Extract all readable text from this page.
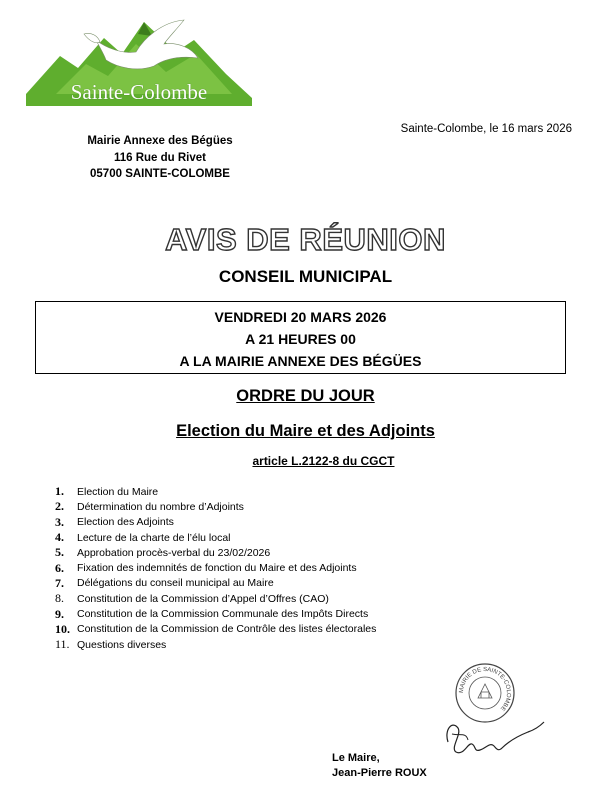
Sainte-Colombe
Mairie Annexe des Bégües
116 Rue du Rivet
05700 SAINTE-COLOMBE
Sainte-Colombe, le 16 mars 2026
AVIS DE RÉUNION
CONSEIL MUNICIPAL
VENDREDI 20 MARS 2026
A 21 HEURES 00
A LA MAIRIE ANNEXE DES BÉGÜES
ORDRE DU JOUR
Election du Maire et des Adjoints
article L.2122-8 du CGCT
1.	Election du Maire
2.	Détermination du nombre d’Adjoints
3.	Election des Adjoints
4.	Lecture de la charte de l’élu local
5.	Approbation procès-verbal du 23/02/2026
6.	Fixation des indemnités de fonction du Maire et des Adjoints
7.	Délégations du conseil municipal au Maire
8.	Constitution de la Commission d’Appel d’Offres (CAO)
9.	Constitution de la Commission Communale des Impôts Directs
10. Constitution de la Commission de Contrôle des listes électorales
11. Questions diverses
MAIRIE DE SAINTE-COLOMBE
Le Maire,
Jean-Pierre ROUX
